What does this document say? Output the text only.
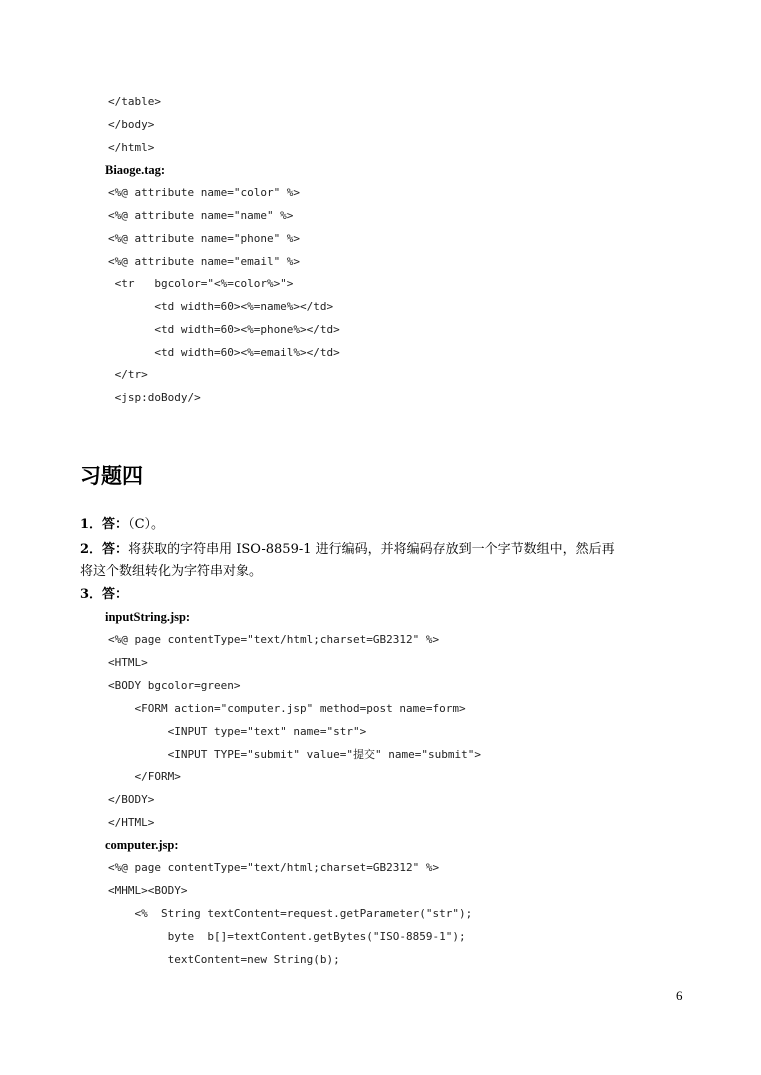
</table>
</body>
</html>
Biaoge.tag:
<%@ attribute name="color" %>
<%@ attribute name="name" %>
<%@ attribute name="phone" %>
<%@ attribute name="email" %>
<tr   bgcolor="<%=color%>">
<td width=60><%=name%></td>
<td width=60><%=phone%></td>
<td width=60><%=email%></td>
</tr>
<jsp:doBody/>
习题四
1．答：（C）。
2．答：将获取的字符串用 ISO-8859-1 进行编码，并将编码存放到一个字节数组中，然后再
将这个数组转化为字符串对象。
3．答：
inputString.jsp:
<%@ page contentType="text/html;charset=GB2312" %>
<HTML>
<BODY bgcolor=green>
<FORM action="computer.jsp" method=post name=form>
<INPUT type="text" name="str">
<INPUT TYPE="submit" value="提交" name="submit">
</FORM>
</BODY>
</HTML>
computer.jsp:
<%@ page contentType="text/html;charset=GB2312" %>
<MHML><BODY>
<%  String textContent=request.getParameter("str");
byte  b[]=textContent.getBytes("ISO-8859-1");
textContent=new String(b);
6
